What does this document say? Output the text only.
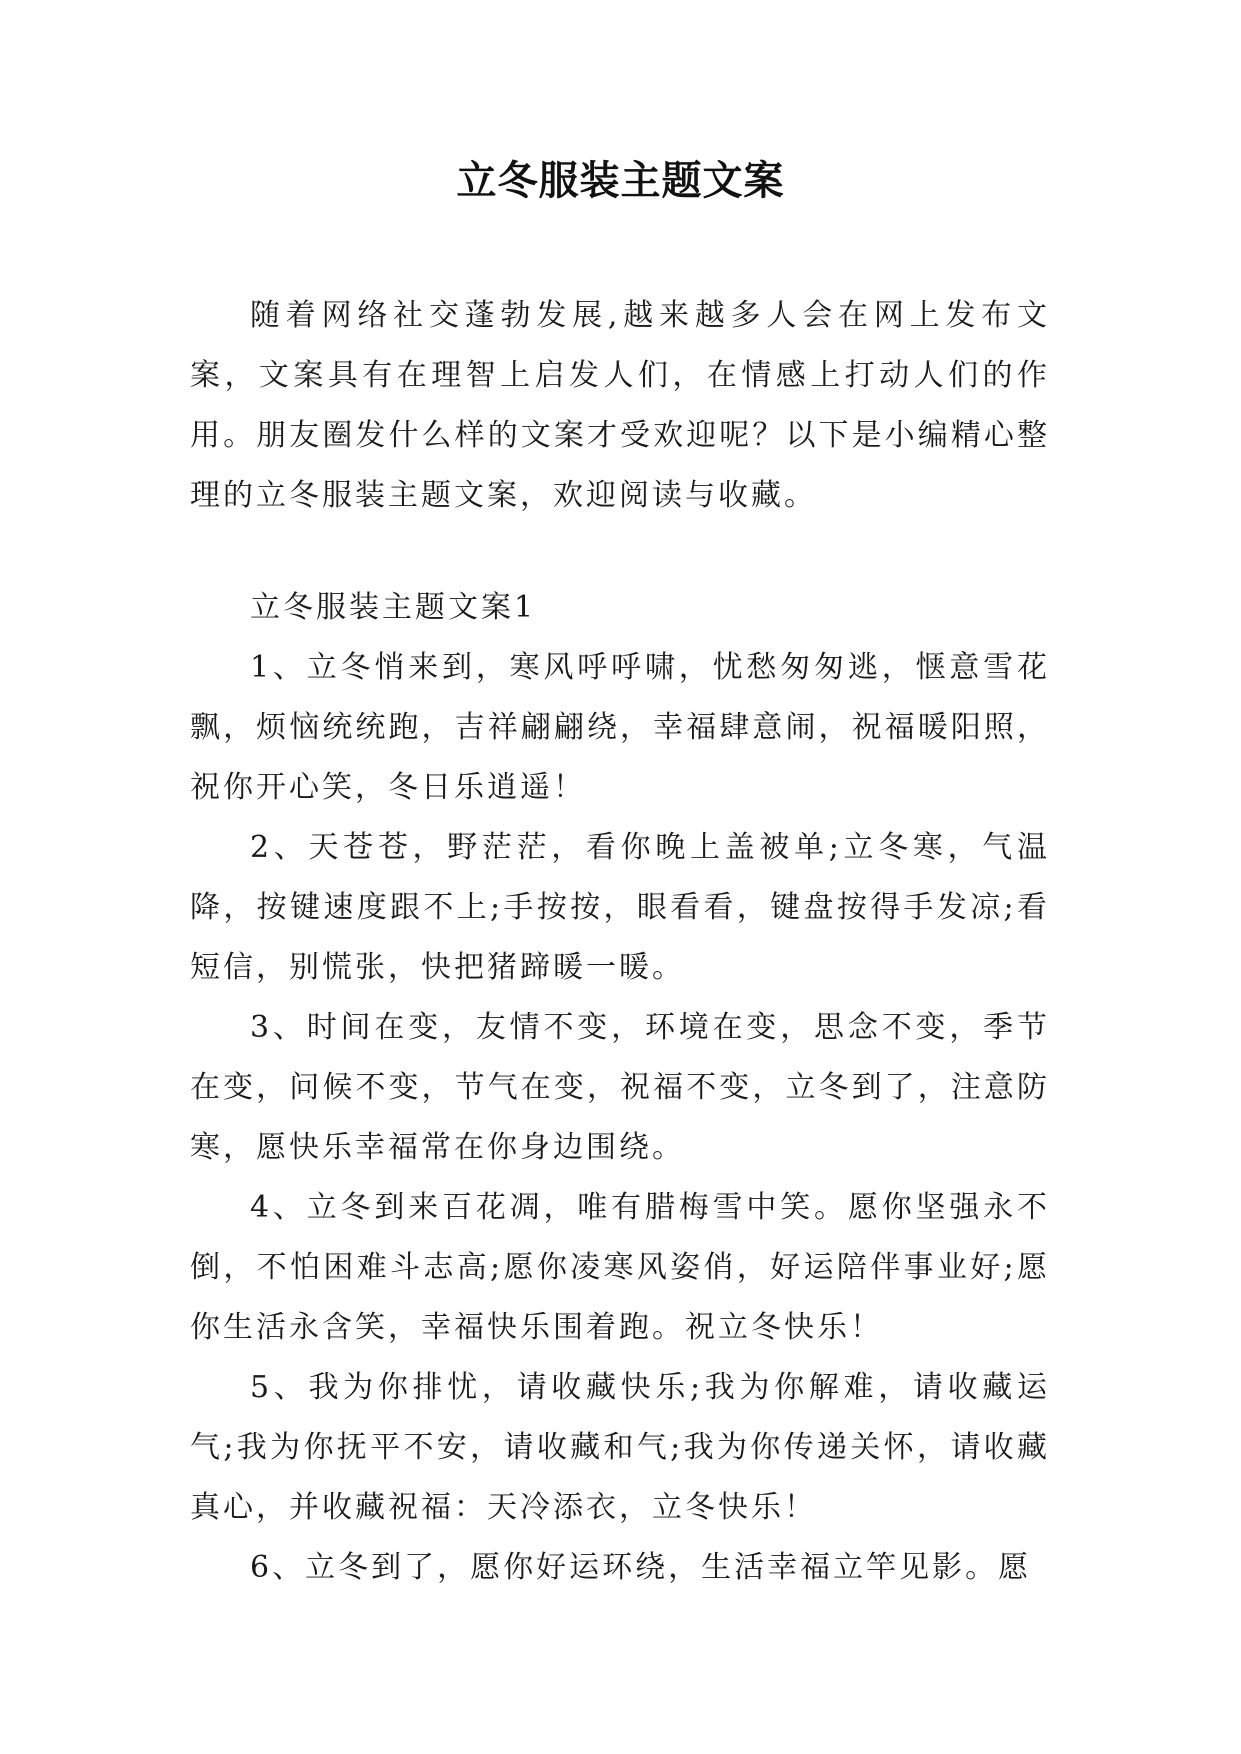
立冬服装主题文案

随着网络社交蓬勃发展,越来越多人会在网上发布文案，文案具有在理智上启发人们，在情感上打动人们的作用。朋友圈发什么样的文案才受欢迎呢？以下是小编精心整理的立冬服装主题文案，欢迎阅读与收藏。

立冬服装主题文案1

1、立冬悄来到，寒风呼呼啸，忧愁匆匆逃，惬意雪花飘，烦恼统统跑，吉祥翩翩绕，幸福肆意闹，祝福暖阳照，祝你开心笑，冬日乐逍遥！

2、天苍苍，野茫茫，看你晚上盖被单;立冬寒，气温降，按键速度跟不上;手按按，眼看看，键盘按得手发凉;看短信，别慌张，快把猪蹄暖一暖。

3、时间在变，友情不变，环境在变，思念不变，季节在变，问候不变，节气在变，祝福不变，立冬到了，注意防寒，愿快乐幸福常在你身边围绕。

4、立冬到来百花凋，唯有腊梅雪中笑。愿你坚强永不倒，不怕困难斗志高;愿你凌寒风姿俏，好运陪伴事业好;愿你生活永含笑，幸福快乐围着跑。祝立冬快乐！

5、我为你排忧，请收藏快乐;我为你解难，请收藏运气;我为你抚平不安，请收藏和气;我为你传递关怀，请收藏真心，并收藏祝福：天冷添衣，立冬快乐！

6、立冬到了，愿你好运环绕，生活幸福立竿见影。愿
